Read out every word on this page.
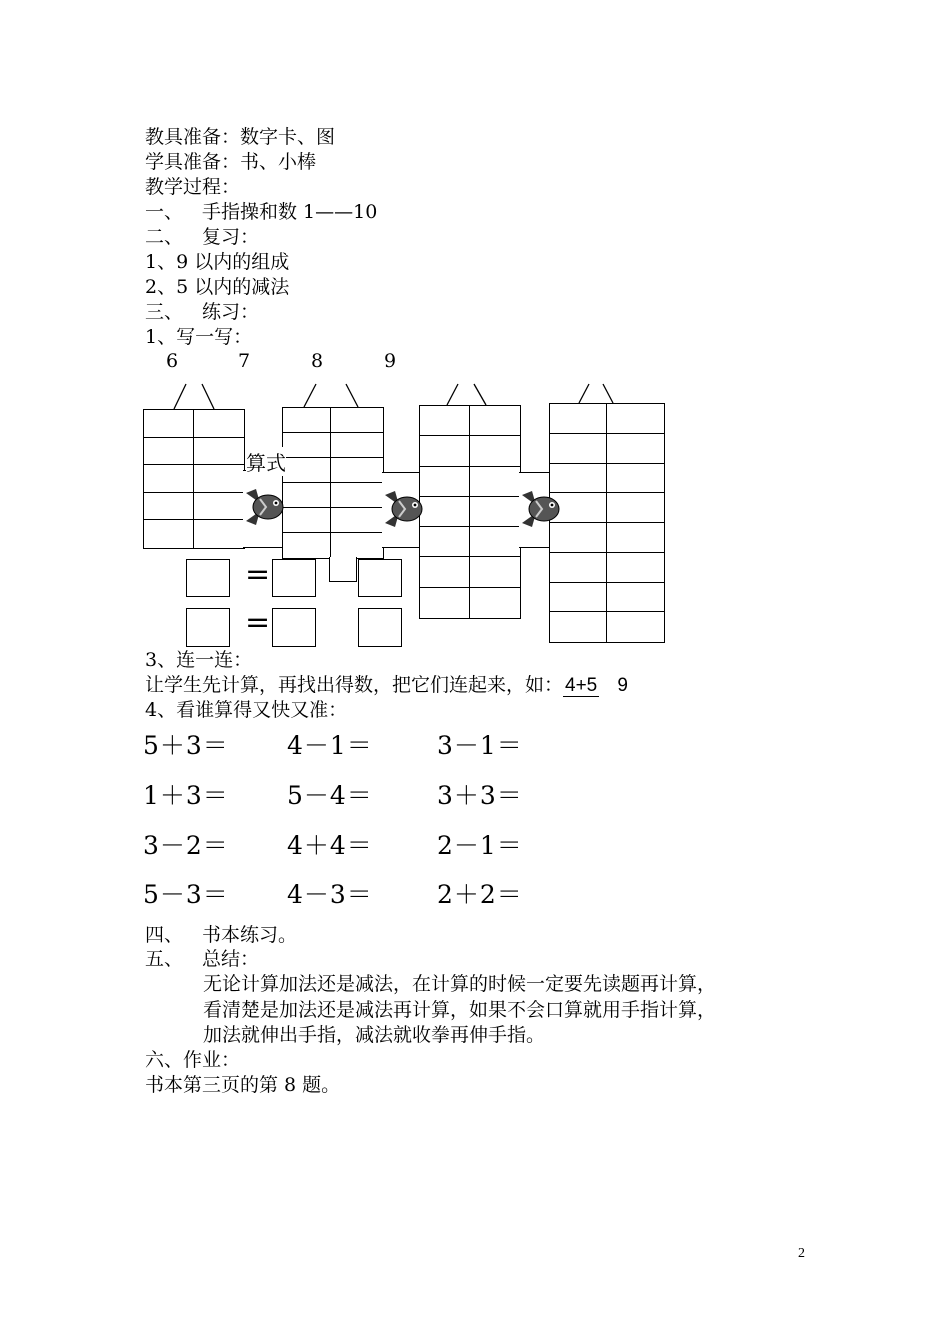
教具准备：数字卡、图
学具准备：书、小棒
教学过程：
一、 手指操和数 1——10
二、 复习：
1、9 以内的组成
2、5 以内的减法
三、 练习：
1、写一写：
6	7	8	9
算式
=
=
3、连一连：
让学生先计算，再找出得数，把它们连起来，如： 4+5 9
4、看谁算得又快又准：
5＋3＝ 4－1＝	3－1＝
1＋3＝ 5－4＝	3＋3＝
3－2＝ 4＋4＝	2－1＝
5－3＝ 4－3＝	2＋2＝
四、 书本练习。
五、 总结：
无论计算加法还是减法，在计算的时候一定要先读题再计算，
看清楚是加法还是减法再计算，如果不会口算就用手指计算，
加法就伸出手指，减法就收拳再伸手指。
六、作业：
书本第三页的第 8 题。
2
